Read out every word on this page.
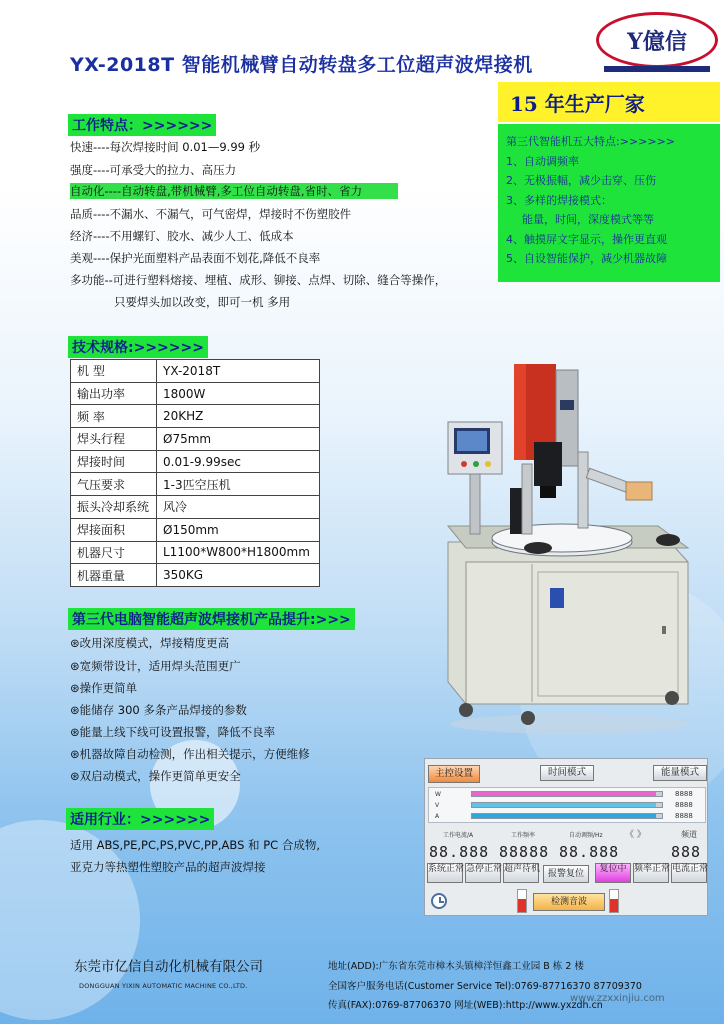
YX-2018T 智能机械臂自动转盘多工位超声波焊接机
Y億信
工作特点：>>>>>>
快速----每次焊接时间 0.01—9.99 秒
强度----可承受大的拉力、高压力
自动化----自动转盘,带机械臂,多工位自动转盘,省时、省力
品质----不漏水、不漏气，可气密焊，焊接时不伤塑胶件
经济----不用螺钉、胶水、减少人工、低成本
美观----保护光面塑料产品表面不划花,降低不良率
多功能--可进行塑料熔接、埋植、成形、铆接、点焊、切除、缝合等操作，
只要焊头加以改变，即可一机 多用
15 年生产厂家
第三代智能机五大特点:>>>>>>
1、自动调频率
2、无极振幅，减少击穿、压伤
3、多样的焊接模式：
能量，时间，深度模式等等
4、触摸屏文字显示，操作更直观
5、自设智能保护，减少机器故障
技术规格:>>>>>>
机 型	YX-2018T
输出功率	1800W
频 率	20KHZ
焊头行程	Ø75mm
焊接时间	0.01-9.99sec
气压要求	1-3匹空压机
振头冷却系统	风冷
焊接面积	Ø150mm
机器尺寸	L1100*W800*H1800mm
机器重量	350KG
第三代电脑智能超声波焊接机产品提升:>>>
⊛改用深度模式，焊接精度更高
⊛宽频带设计，适用焊头范围更广
⊛操作更简单
⊛能储存 300 多条产品焊接的参数
⊛能量上线下线可设置报警，降低不良率
⊛机器故障自动检测，作出相关提示，方便维修
⊛双启动模式，操作更简单更安全
适用行业：>>>>>>
适用 ABS,PE,PC,PS,PVC,PP,ABS 和 PC 合成物,
亚克力等热塑性塑胶产品的超声波焊接
主控设置	时间模式	能量模式
W
V
A
8888
8888
8888
工作电流/A	工作频率	自动调频/Hz 《 》	频道
88.888 88888 88.888	888
系统正常 急停正常 超声待机 报警复位	复位中 频率正常 电流正常
检测音波
东莞市亿信自动化机械有限公司
DONGGUAN YIXIN AUTOMATIC MACHINE CO.,LTD.
地址(ADD):广东省东莞市樟木头镇樟洋恒鑫工业园 B 栋 2 楼
全国客户服务电话(Customer Service Tel):0769-87716370 87709370
传真(FAX):0769-87706370 网址(WEB):http://www.yxzdh.cn
www.zzxxinjiu.com
